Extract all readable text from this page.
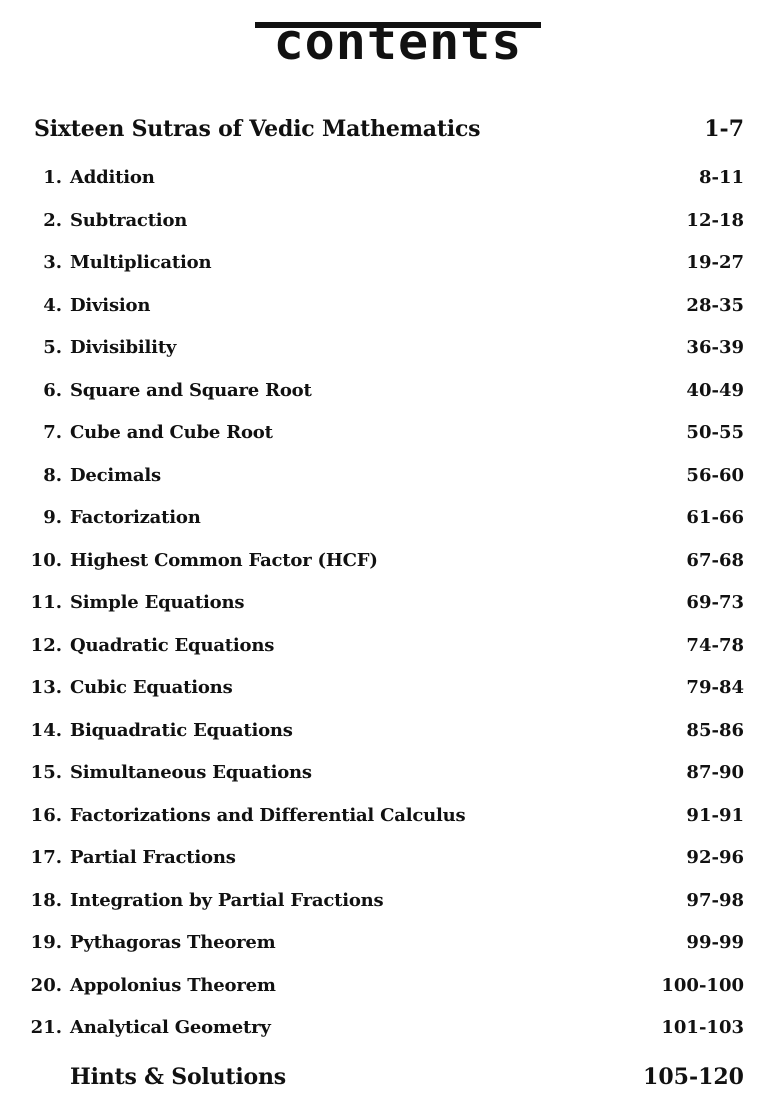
contents
Sixteen Sutras of Vedic Mathematics	1-7
1. Addition	8-11
2. Subtraction	12-18
3. Multiplication	19-27
4. Division	28-35
5. Divisibility	36-39
6. Square and Square Root	40-49
7. Cube and Cube Root	50-55
8. Decimals	56-60
9. Factorization	61-66
10. Highest Common Factor (HCF)	67-68
11. Simple Equations	69-73
12. Quadratic Equations	74-78
13. Cubic Equations	79-84
14. Biquadratic Equations	85-86
15. Simultaneous Equations	87-90
16. Factorizations and Differential Calculus	91-91
17. Partial Fractions	92-96
18. Integration by Partial Fractions	97-98
19. Pythagoras Theorem	99-99
20. Appolonius Theorem	100-100
21. Analytical Geometry	101-103
Hints & Solutions	105-120
